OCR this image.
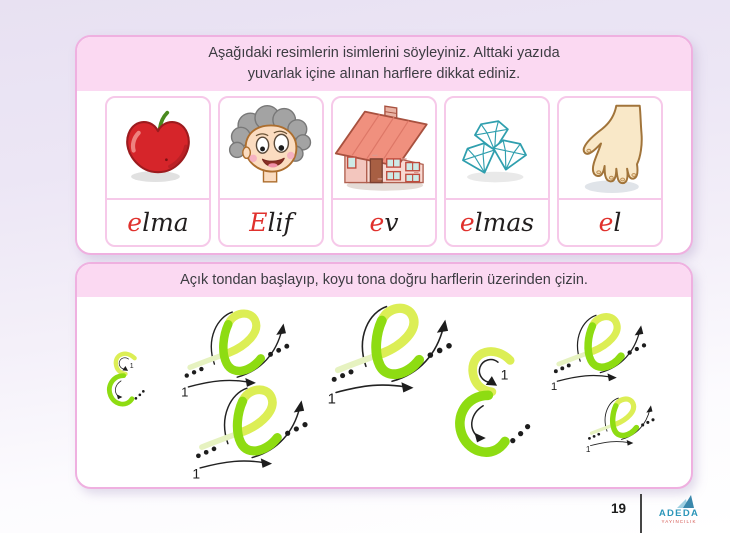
Aşağıdaki resimlerin isimlerini söyleyiniz. Alttaki yazıda
yuvarlak içine alınan harflere dikkat ediniz.
e lma E lif	e v e lmas	e l
Açık tondan başlayıp, koyu tona doğru harflerin üzerinden çizin.
1
1	1
1
1
1
1
19	ADEDA
YAYINCILIK
